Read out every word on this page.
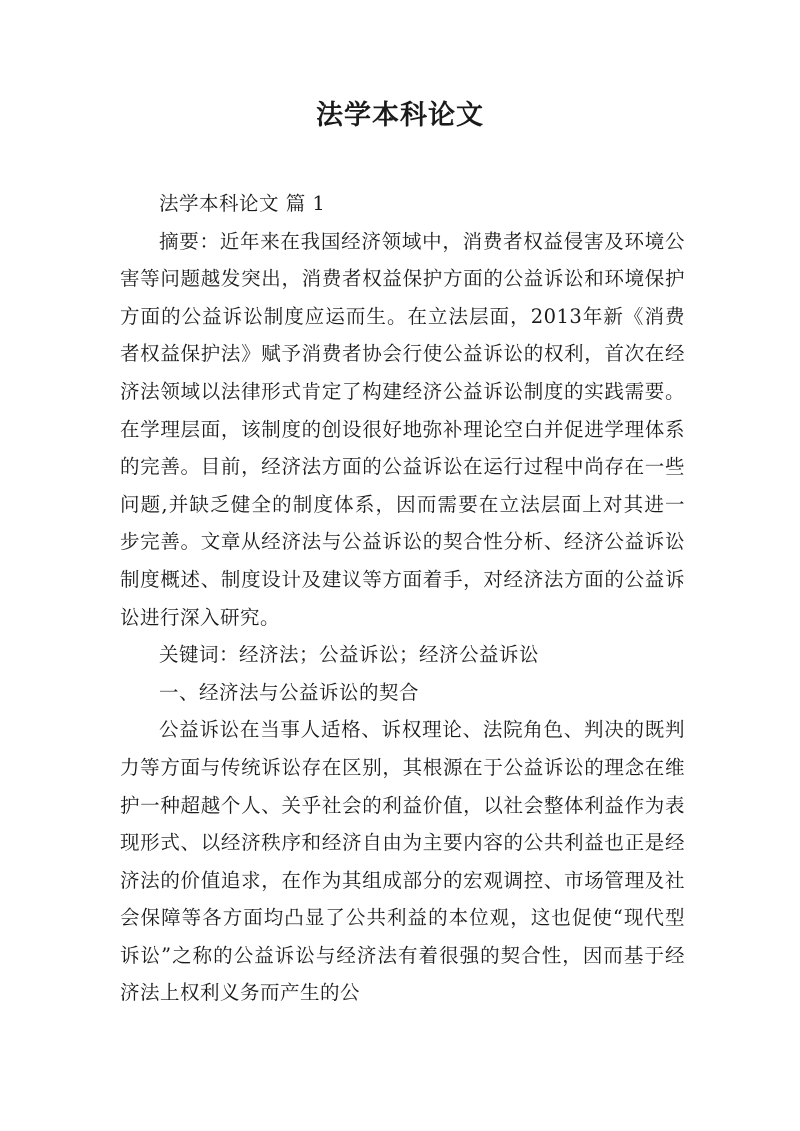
法学本科论文

法学本科论文 篇 1

摘要：近年来在我国经济领域中，消费者权益侵害及环境公害等问题越发突出，消费者权益保护方面的公益诉讼和环境保护方面的公益诉讼制度应运而生。在立法层面，2013年新《消费者权益保护法》赋予消费者协会行使公益诉讼的权利，首次在经济法领域以法律形式肯定了构建经济公益诉讼制度的实践需要。在学理层面，该制度的创设很好地弥补理论空白并促进学理体系的完善。目前，经济法方面的公益诉讼在运行过程中尚存在一些问题,并缺乏健全的制度体系，因而需要在立法层面上对其进一步完善。文章从经济法与公益诉讼的契合性分析、经济公益诉讼制度概述、制度设计及建议等方面着手，对经济法方面的公益诉讼进行深入研究。

关键词：经济法；公益诉讼；经济公益诉讼

一、经济法与公益诉讼的契合

公益诉讼在当事人适格、诉权理论、法院角色、判决的既判力等方面与传统诉讼存在区别，其根源在于公益诉讼的理念在维护一种超越个人、关乎社会的利益价值，以社会整体利益作为表现形式、以经济秩序和经济自由为主要内容的公共利益也正是经济法的价值追求，在作为其组成部分的宏观调控、市场管理及社会保障等各方面均凸显了公共利益的本位观，这也促使“现代型诉讼”之称的公益诉讼与经济法有着很强的契合性，因而基于经济法上权利义务而产生的公
